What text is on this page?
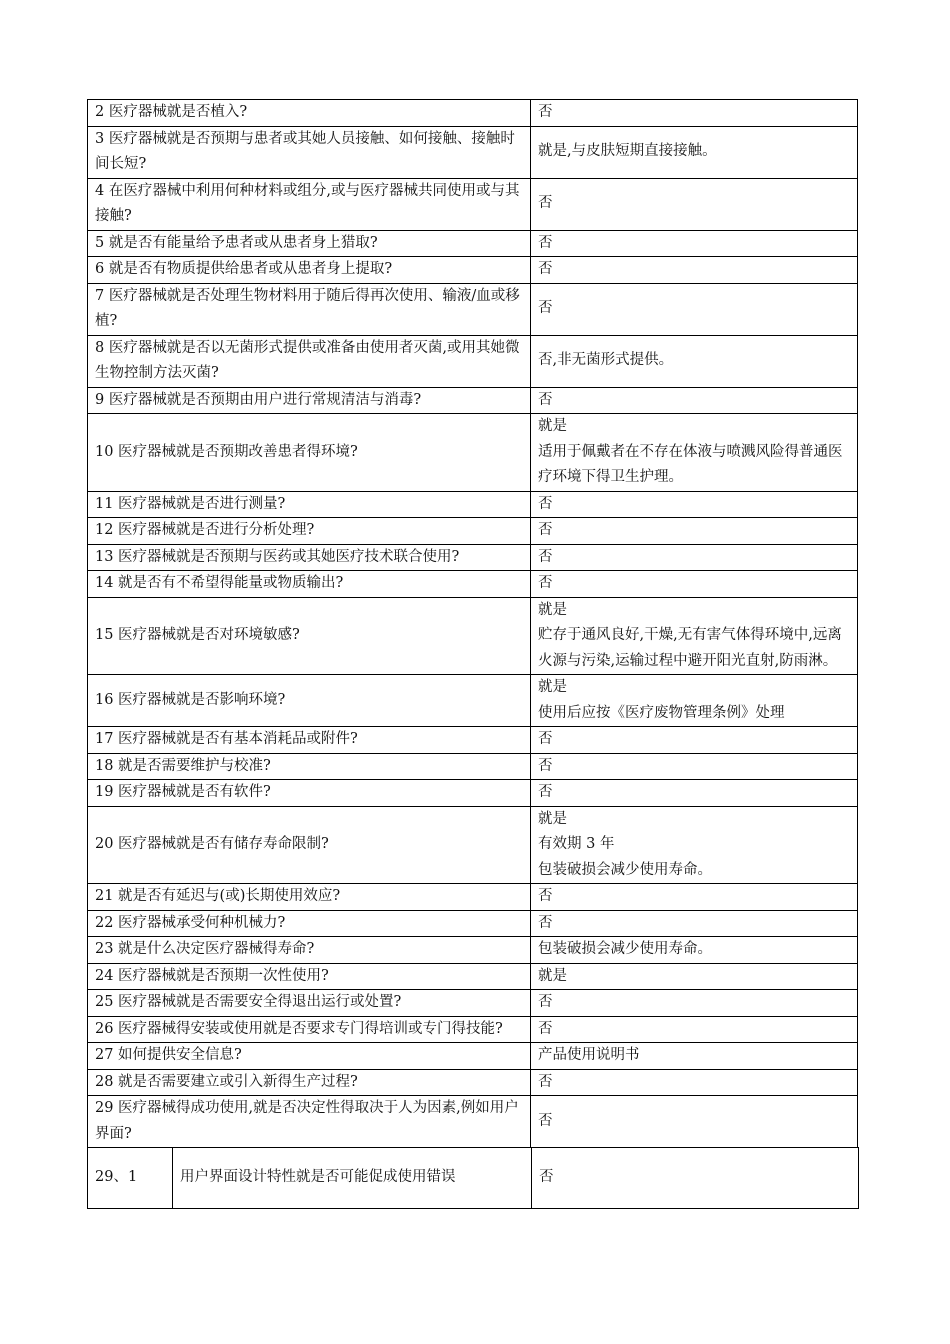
2 医疗器械就是否植入?	否

3 医疗器械就是否预期与患者或其她人员接触、如何接触、接触时间长短?	就是,与皮肤短期直接接触。

4 在医疗器械中利用何种材料或组分,或与医疗器械共同使用或与其接触?	否

5 就是否有能量给予患者或从患者身上猎取?	否

6 就是否有物质提供给患者或从患者身上提取?	否

7 医疗器械就是否处理生物材料用于随后得再次使用、输液/血或移植?	否

8 医疗器械就是否以无菌形式提供或准备由使用者灭菌,或用其她微生物控制方法灭菌?	否,非无菌形式提供。

9 医疗器械就是否预期由用户进行常规清洁与消毒?	否

10 医疗器械就是否预期改善患者得环境?	就是
适用于佩戴者在不存在体液与喷溅风险得普通医疗环境下得卫生护理。

11 医疗器械就是否进行测量?	否

12 医疗器械就是否进行分析处理?	否

13 医疗器械就是否预期与医药或其她医疗技术联合使用?	否

14 就是否有不希望得能量或物质输出?	否

15 医疗器械就是否对环境敏感?	就是
贮存于通风良好,干燥,无有害气体得环境中,远离火源与污染,运输过程中避开阳光直射,防雨淋。

16 医疗器械就是否影响环境?	就是
使用后应按《医疗废物管理条例》处理

17 医疗器械就是否有基本消耗品或附件?	否

18 就是否需要维护与校准?	否

19 医疗器械就是否有软件?	否

20 医疗器械就是否有储存寿命限制?	就是
有效期 3 年
包装破损会减少使用寿命。

21 就是否有延迟与(或)长期使用效应?	否

22 医疗器械承受何种机械力?	否

23 就是什么决定医疗器械得寿命?	包装破损会减少使用寿命。

24 医疗器械就是否预期一次性使用?	就是

25 医疗器械就是否需要安全得退出运行或处置?	否

26 医疗器械得安装或使用就是否要求专门得培训或专门得技能?	否

27 如何提供安全信息?	产品使用说明书

28 就是否需要建立或引入新得生产过程?	否

29 医疗器械得成功使用,就是否决定性得取决于人为因素,例如用户界面?	否
29、1	用户界面设计特性就是否可能促成使用错误	否
